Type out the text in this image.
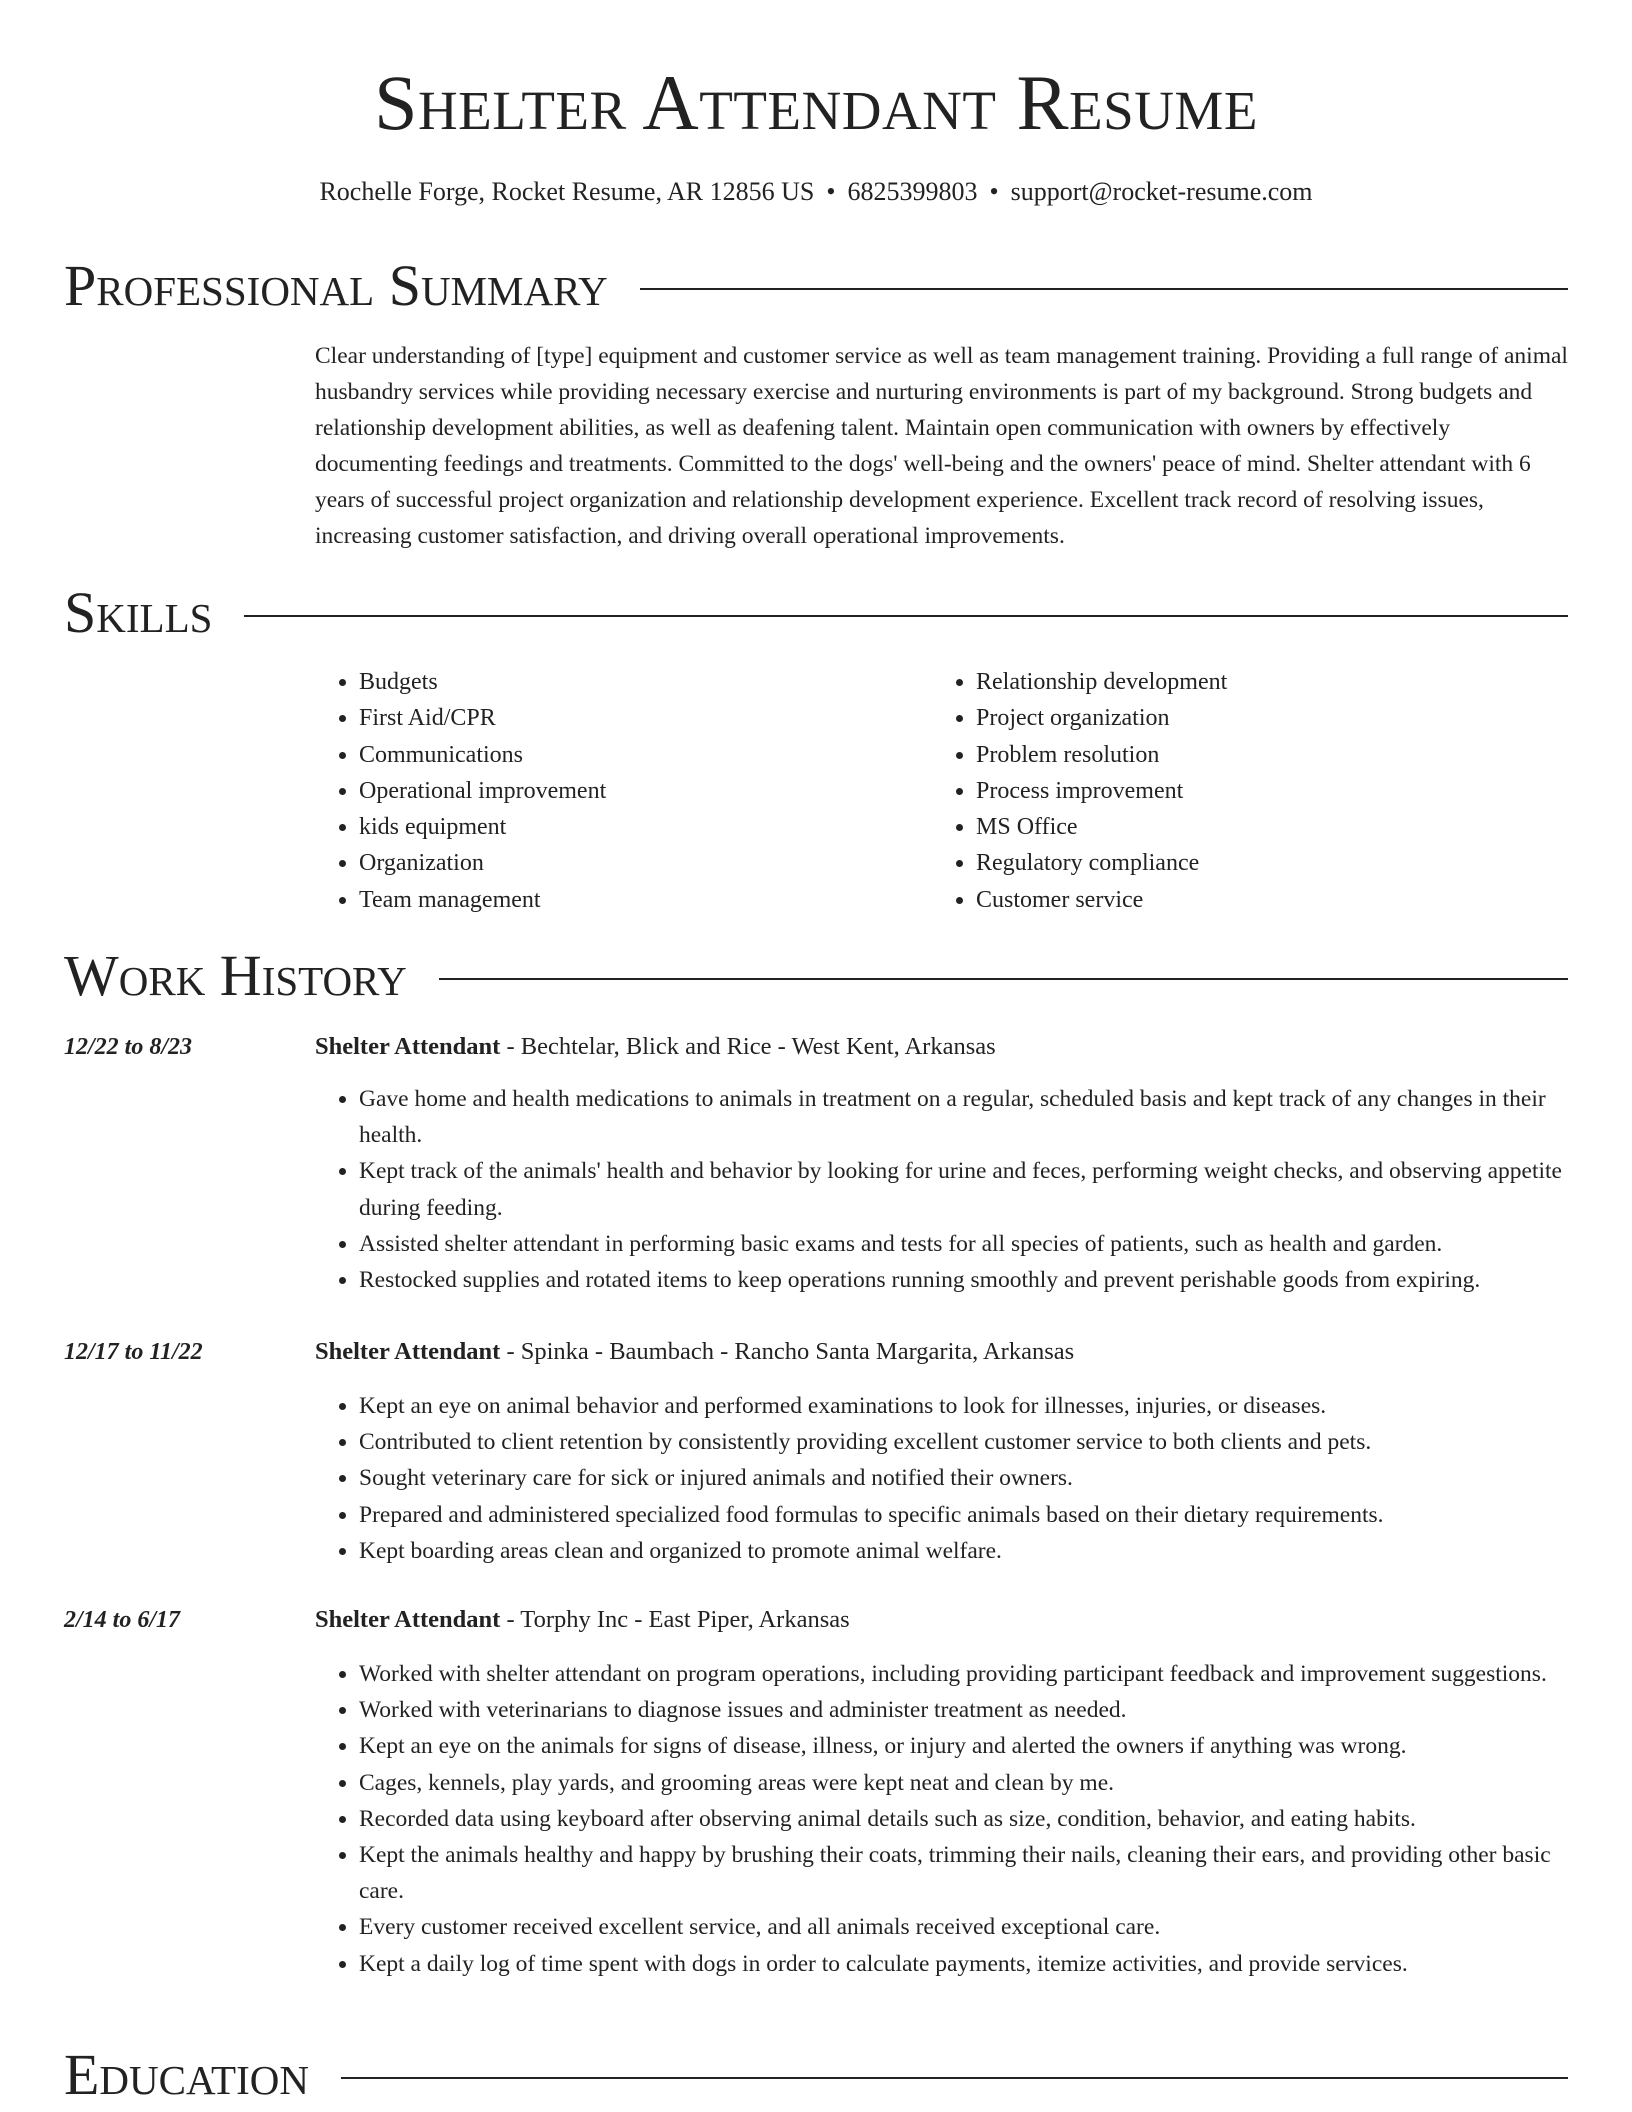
Shelter Attendant Resume
Rochelle Forge, Rocket Resume, AR 12856 US • 6825399803 • support@rocket-resume.com
Professional Summary

Clear understanding of [type] equipment and customer service as well as team management training. Providing a full range of animal husbandry services while providing necessary exercise and nurturing environments is part of my background. Strong budgets and relationship development abilities, as well as deafening talent. Maintain open communication with owners by effectively documenting feedings and treatments. Committed to the dogs' well-being and the owners' peace of mind. Shelter attendant with 6 years of successful project organization and relationship development experience. Excellent track record of resolving issues, increasing customer satisfaction, and driving overall operational improvements.

Skills
• Budgets
• First Aid/CPR
• Communications
• Operational improvement
• kids equipment
• Organization
• Team management
• Relationship development
• Project organization
• Problem resolution
• Process improvement
• MS Office
• Regulatory compliance
• Customer service
Work History
12/22 to 8/23	Shelter Attendant - Bechtelar, Blick and Rice - West Kent, Arkansas
• Gave home and health medications to animals in treatment on a regular, scheduled basis and kept track of any changes in their health.
• Kept track of the animals' health and behavior by looking for urine and feces, performing weight checks, and observing appetite during feeding.
• Assisted shelter attendant in performing basic exams and tests for all species of patients, such as health and garden.
• Restocked supplies and rotated items to keep operations running smoothly and prevent perishable goods from expiring.
12/17 to 11/22	Shelter Attendant - Spinka - Baumbach - Rancho Santa Margarita, Arkansas
• Kept an eye on animal behavior and performed examinations to look for illnesses, injuries, or diseases.
• Contributed to client retention by consistently providing excellent customer service to both clients and pets.
• Sought veterinary care for sick or injured animals and notified their owners.
• Prepared and administered specialized food formulas to specific animals based on their dietary requirements.
• Kept boarding areas clean and organized to promote animal welfare.
2/14 to 6/17	Shelter Attendant - Torphy Inc - East Piper, Arkansas
• Worked with shelter attendant on program operations, including providing participant feedback and improvement suggestions.
• Worked with veterinarians to diagnose issues and administer treatment as needed.
• Kept an eye on the animals for signs of disease, illness, or injury and alerted the owners if anything was wrong.
• Cages, kennels, play yards, and grooming areas were kept neat and clean by me.
• Recorded data using keyboard after observing animal details such as size, condition, behavior, and eating habits.
• Kept the animals healthy and happy by brushing their coats, trimming their nails, cleaning their ears, and providing other basic care.
• Every customer received excellent service, and all animals received exceptional care.
• Kept a daily log of time spent with dogs in order to calculate payments, itemize activities, and provide services.
Education
